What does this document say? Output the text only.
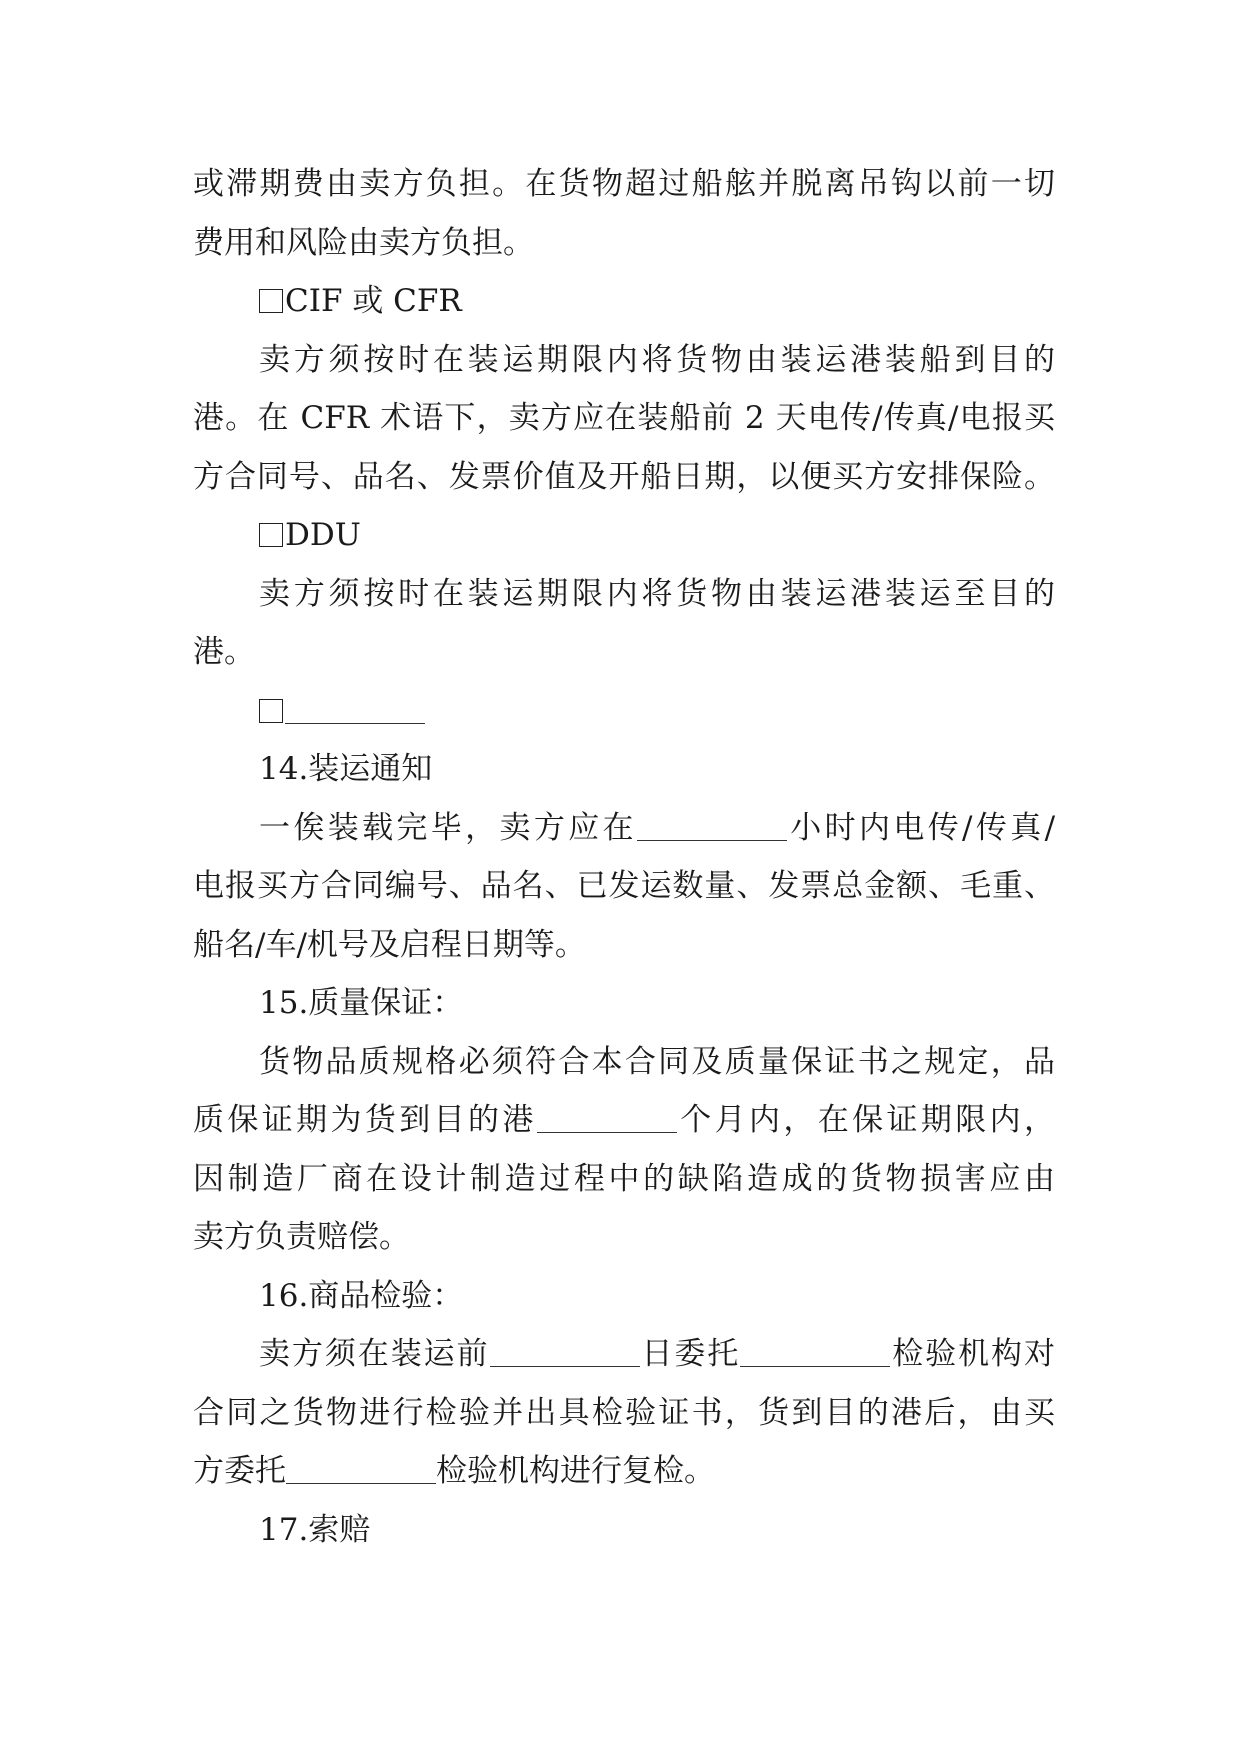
或滞期费由卖方负担。在货物超过船舷并脱离吊钩以前一切
费用和风险由卖方负担。
CIF 或 CFR
卖方须按时在装运期限内将货物由装运港装船到目的
港。在 CFR 术语下，卖方应在装船前 2 天电传/传真/电报买
方合同号、品名、发票价值及开船日期，以便买方安排保险。
DDU
卖方须按时在装运期限内将货物由装运港装运至目的
港。
14.装运通知
一俟装载完毕，卖方应在	小时内电传/传真/
电报买方合同编号、品名、已发运数量、发票总金额、毛重、
船名/车/机号及启程日期等。
15.质量保证：
货物品质规格必须符合本合同及质量保证书之规定，品
质保证期为货到目的港	个月内，在保证期限内，
因制造厂商在设计制造过程中的缺陷造成的货物损害应由
卖方负责赔偿。
16.商品检验：
卖方须在装运前	日委托	检验机构对
合同之货物进行检验并出具检验证书，货到目的港后，由买
方委托	检验机构进行复检。
17.索赔
